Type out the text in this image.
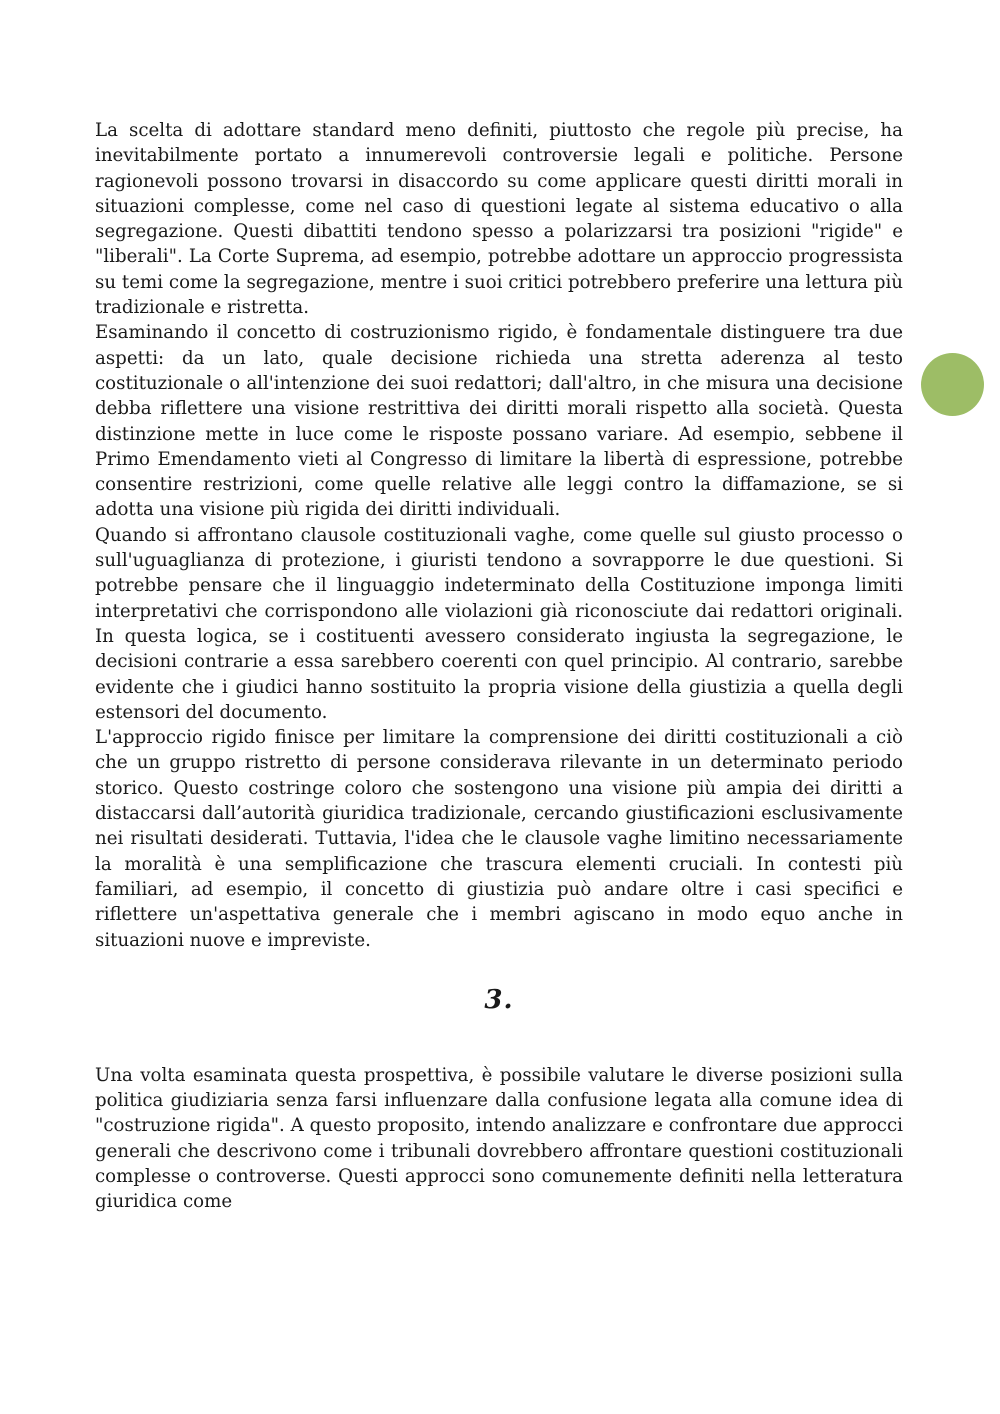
La scelta di adottare standard meno definiti, piuttosto che regole più precise, ha inevitabilmente portato a innumerevoli controversie legali e politiche. Persone ragionevoli possono trovarsi in disaccordo su come applicare questi diritti morali in situazioni complesse, come nel caso di questioni legate al sistema educativo o alla segregazione. Questi dibattiti tendono spesso a polarizzarsi tra posizioni "rigide" e "liberali". La Corte Suprema, ad esempio, potrebbe adottare un approccio progressista su temi come la segregazione, mentre i suoi critici potrebbero preferire una lettura più tradizionale e ristretta.

Esaminando il concetto di costruzionismo rigido, è fondamentale distinguere tra due aspetti: da un lato, quale decisione richieda una stretta aderenza al testo costituzionale o all'intenzione dei suoi redattori; dall'altro, in che misura una decisione debba riflettere una visione restrittiva dei diritti morali rispetto alla società. Questa distinzione mette in luce come le risposte possano variare. Ad esempio, sebbene il Primo Emendamento vieti al Congresso di limitare la libertà di espressione, potrebbe consentire restrizioni, come quelle relative alle leggi contro la diffamazione, se si adotta una visione più rigida dei diritti individuali.

Quando si affrontano clausole costituzionali vaghe, come quelle sul giusto processo o sull'uguaglianza di protezione, i giuristi tendono a sovrapporre le due questioni. Si potrebbe pensare che il linguaggio indeterminato della Costituzione imponga limiti interpretativi che corrispondono alle violazioni già riconosciute dai redattori originali. In questa logica, se i costituenti avessero considerato ingiusta la segregazione, le decisioni contrarie a essa sarebbero coerenti con quel principio. Al contrario, sarebbe evidente che i giudici hanno sostituito la propria visione della giustizia a quella degli estensori del documento.

L'approccio rigido finisce per limitare la comprensione dei diritti costituzionali a ciò che un gruppo ristretto di persone considerava rilevante in un determinato periodo storico. Questo costringe coloro che sostengono una visione più ampia dei diritti a distaccarsi dall’autorità giuridica tradizionale, cercando giustificazioni esclusivamente nei risultati desiderati. Tuttavia, l'idea che le clausole vaghe limitino necessariamente la moralità è una semplificazione che trascura elementi cruciali. In contesti più familiari, ad esempio, il concetto di giustizia può andare oltre i casi specifici e riflettere un'aspettativa generale che i membri agiscano in modo equo anche in situazioni nuove e impreviste.

3.

Una volta esaminata questa prospettiva, è possibile valutare le diverse posizioni sulla politica giudiziaria senza farsi influenzare dalla confusione legata alla comune idea di "costruzione rigida". A questo proposito, intendo analizzare e confrontare due approcci generali che descrivono come i tribunali dovrebbero affrontare questioni costituzionali complesse o controverse. Questi approcci sono comunemente definiti nella letteratura giuridica come
